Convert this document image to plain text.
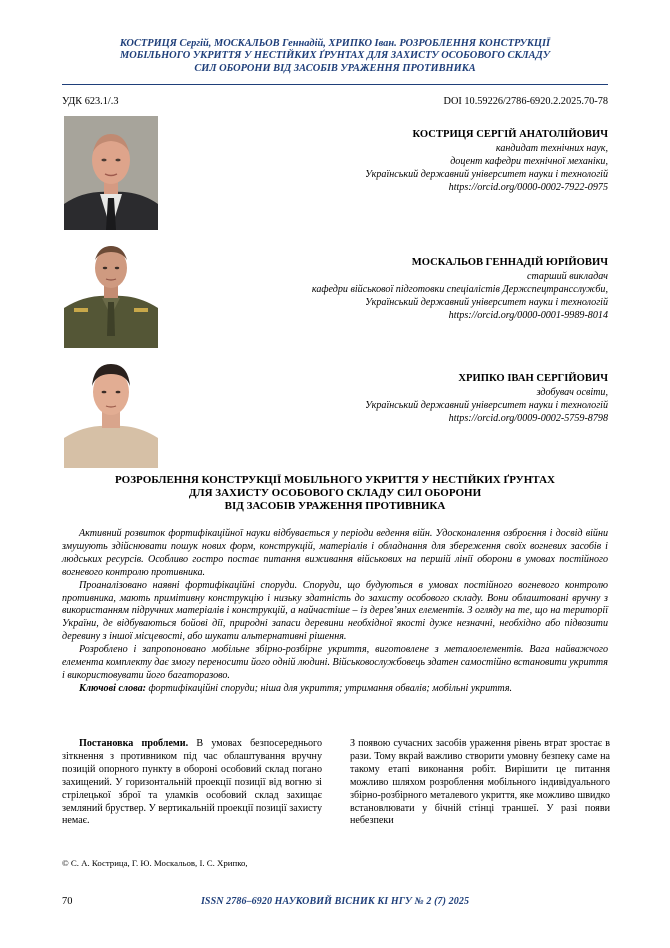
КОСТРИЦЯ Сергій, МОСКАЛЬОВ Геннадій, ХРИПКО Іван. РОЗРОБЛЕННЯ КОНСТРУКЦІЇ
МОБІЛЬНОГО УКРИТТЯ У НЕСТІЙКИХ ҐРУНТАХ ДЛЯ ЗАХИСТУ ОСОБОВОГО СКЛАДУ
СИЛ ОБОРОНИ ВІД ЗАСОБІВ УРАЖЕННЯ ПРОТИВНИКА
УДК 623.1/.3	DOI 10.59226/2786-6920.2.2025.70-78
КОСТРИЦЯ СЕРГІЙ АНАТОЛІЙОВИЧ
кандидат технічних наук,
доцент кафедри технічної механіки,
Український державний університет науки і технологій
https://orcid.org/0000-0002-7922-0975
МОСКАЛЬОВ ГЕННАДІЙ ЮРІЙОВИЧ
старший викладач
кафедри військової підготовки спеціалістів Держспецтрансслужби,
Український державний університет науки і технологій
https://orcid.org/0000-0001-9989-8014
ХРИПКО ІВАН СЕРГІЙОВИЧ
здобувач освіти,
Український державний університет науки і технологій
https://orcid.org/0009-0002-5759-8798
РОЗРОБЛЕННЯ КОНСТРУКЦІЇ МОБІЛЬНОГО УКРИТТЯ У НЕСТІЙКИХ ҐРУНТАХ
ДЛЯ ЗАХИСТУ ОСОБОВОГО СКЛАДУ СИЛ ОБОРОНИ
ВІД ЗАСОБІВ УРАЖЕННЯ ПРОТИВНИКА

Активний розвиток фортифікаційної науки відбувається у періоди ведення війн. Удосконалення озброєння і досвід війни змушують здійснювати пошук нових форм, конструкцій, матеріалів і обладнання для збереження своїх вогневих засобів і людських ресурсів. Особливо гостро постає питання виживання військових на першій лінії оборони в умовах постійного вогневого контролю противника.

Проаналізовано наявні фортифікаційні споруди. Споруди, що будуються в умовах постійного вогневого контролю противника, мають примітивну конструкцію і низьку здатність до захисту особового складу. Вони облаштовані вручну з використанням підручних матеріалів і конструкцій, а найчастіше – із дерев’яних елементів. З огляду на те, що на території України, де відбуваються бойові дії, природні запаси деревини необхідної якості дуже незначні, необхідно або підвозити деревину з іншої місцевості, або шукати альтернативні рішення.

Розроблено і запропоновано мобільне збірно-розбірне укриття, виготовлене з металоелементів. Вага найважчого елемента комплекту дає змогу переносити його одній людині. Військовослужбовець здатен самостійно встановити укриття і використовувати його багаторазово.

Ключові слова: фортифікаційні споруди; ніша для укриття; утримання обвалів; мобільні укриття.

Постановка проблеми. В умовах безпосереднього зіткнення з противником під час облаштування вручну позицій опорного пункту в обороні особовий склад погано захищений. У горизонтальній проекції позиції від вогню зі стрілецької зброї та уламків особовий склад захищає земляний бруствер. У вертикальній проекції позиції захисту немає.

З появою сучасних засобів ураження рівень втрат зростає в рази. Тому вкрай важливо створити умовну безпеку саме на такому етапі виконання робіт. Вирішити це питання можливо шляхом розроблення мобільного індивідуального збірно-розбірного металевого укриття, яке можливо швидко встановлювати у бічній стінці траншеї. У разі появи небезпеки

© С. А. Кострица, Г. Ю. Москальов, І. С. Хрипко,
70	ISSN 2786–6920 НАУКОВИЙ ВІСНИК КІ НГУ № 2 (7) 2025
